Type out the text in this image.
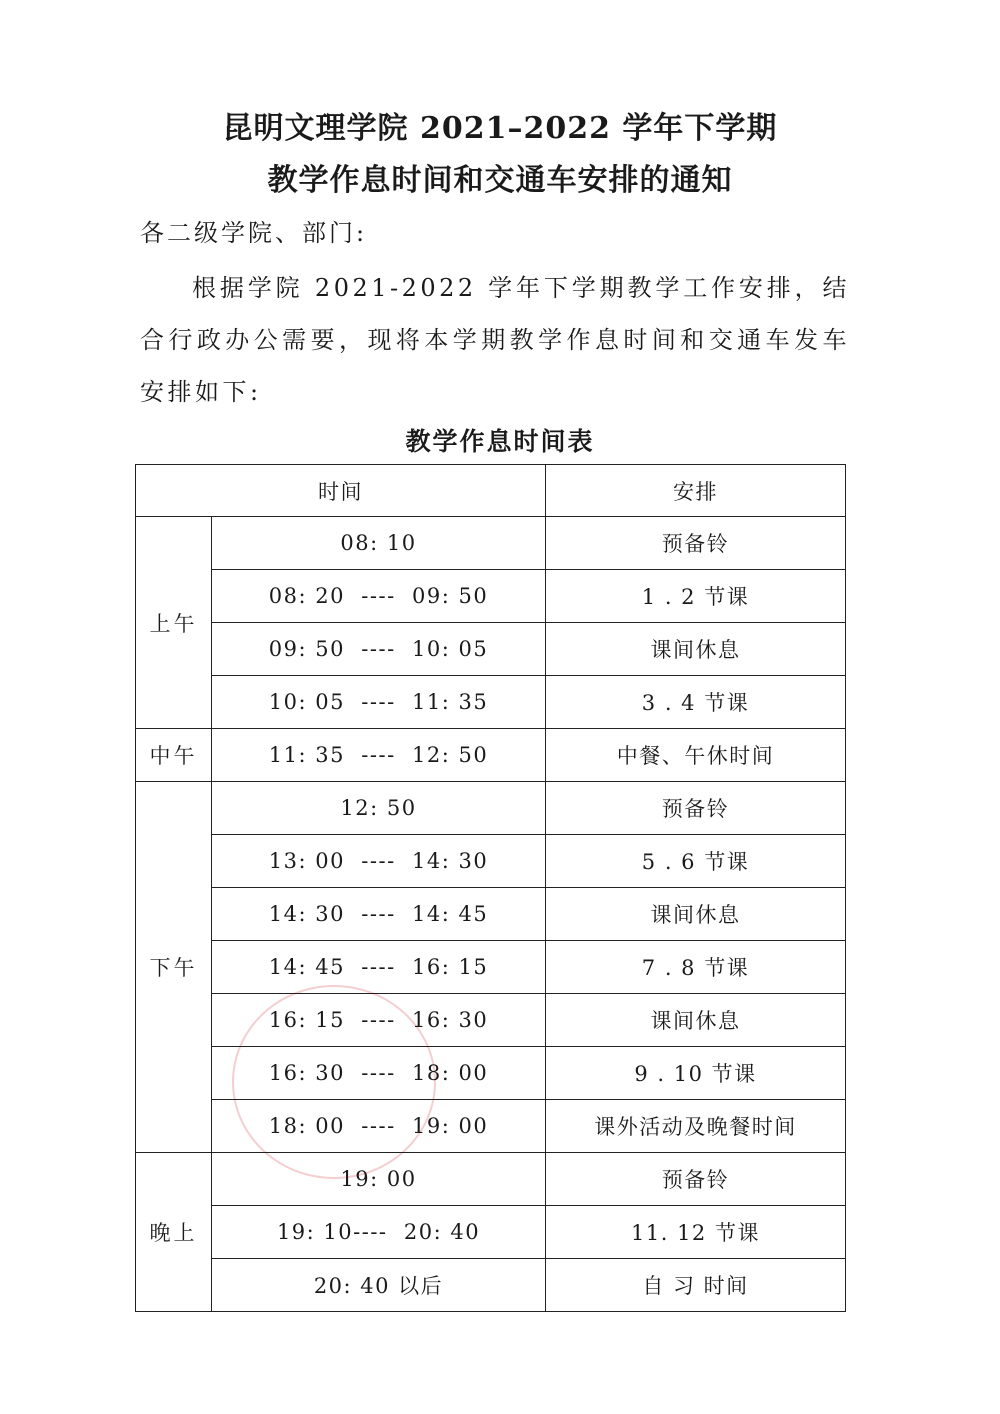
昆明文理学院 2021–2022 学年下学期
教学作息时间和交通车安排的通知
各二级学院、部门:
根据学院 2021-2022 学年下学期教学工作安排，结合行政办公需要，现将本学期教学作息时间和交通车发车安排如下:
教学作息时间表
时间		安排
上午	08: 10	预备铃
	08: 20  ----  09: 50	1 . 2 节课
	09: 50  ----  10: 05	课间休息
	10: 05  ----  11: 35	3 . 4 节课
中午	11: 35  ----  12: 50	中餐、午休时间
下午	12: 50	预备铃
	13: 00  ----  14: 30	5 . 6 节课
	14: 30  ----  14: 45	课间休息
	14: 45  ----  16: 15	7 . 8 节课
	16: 15  ----  16: 30	课间休息
	16: 30  ----  18: 00	9 . 10 节课
	18: 00  ----  19: 00	课外活动及晚餐时间
晚上	19: 00	预备铃
	19: 10----  20: 40	11. 12 节课
	20: 40 以后	自 习 时间
